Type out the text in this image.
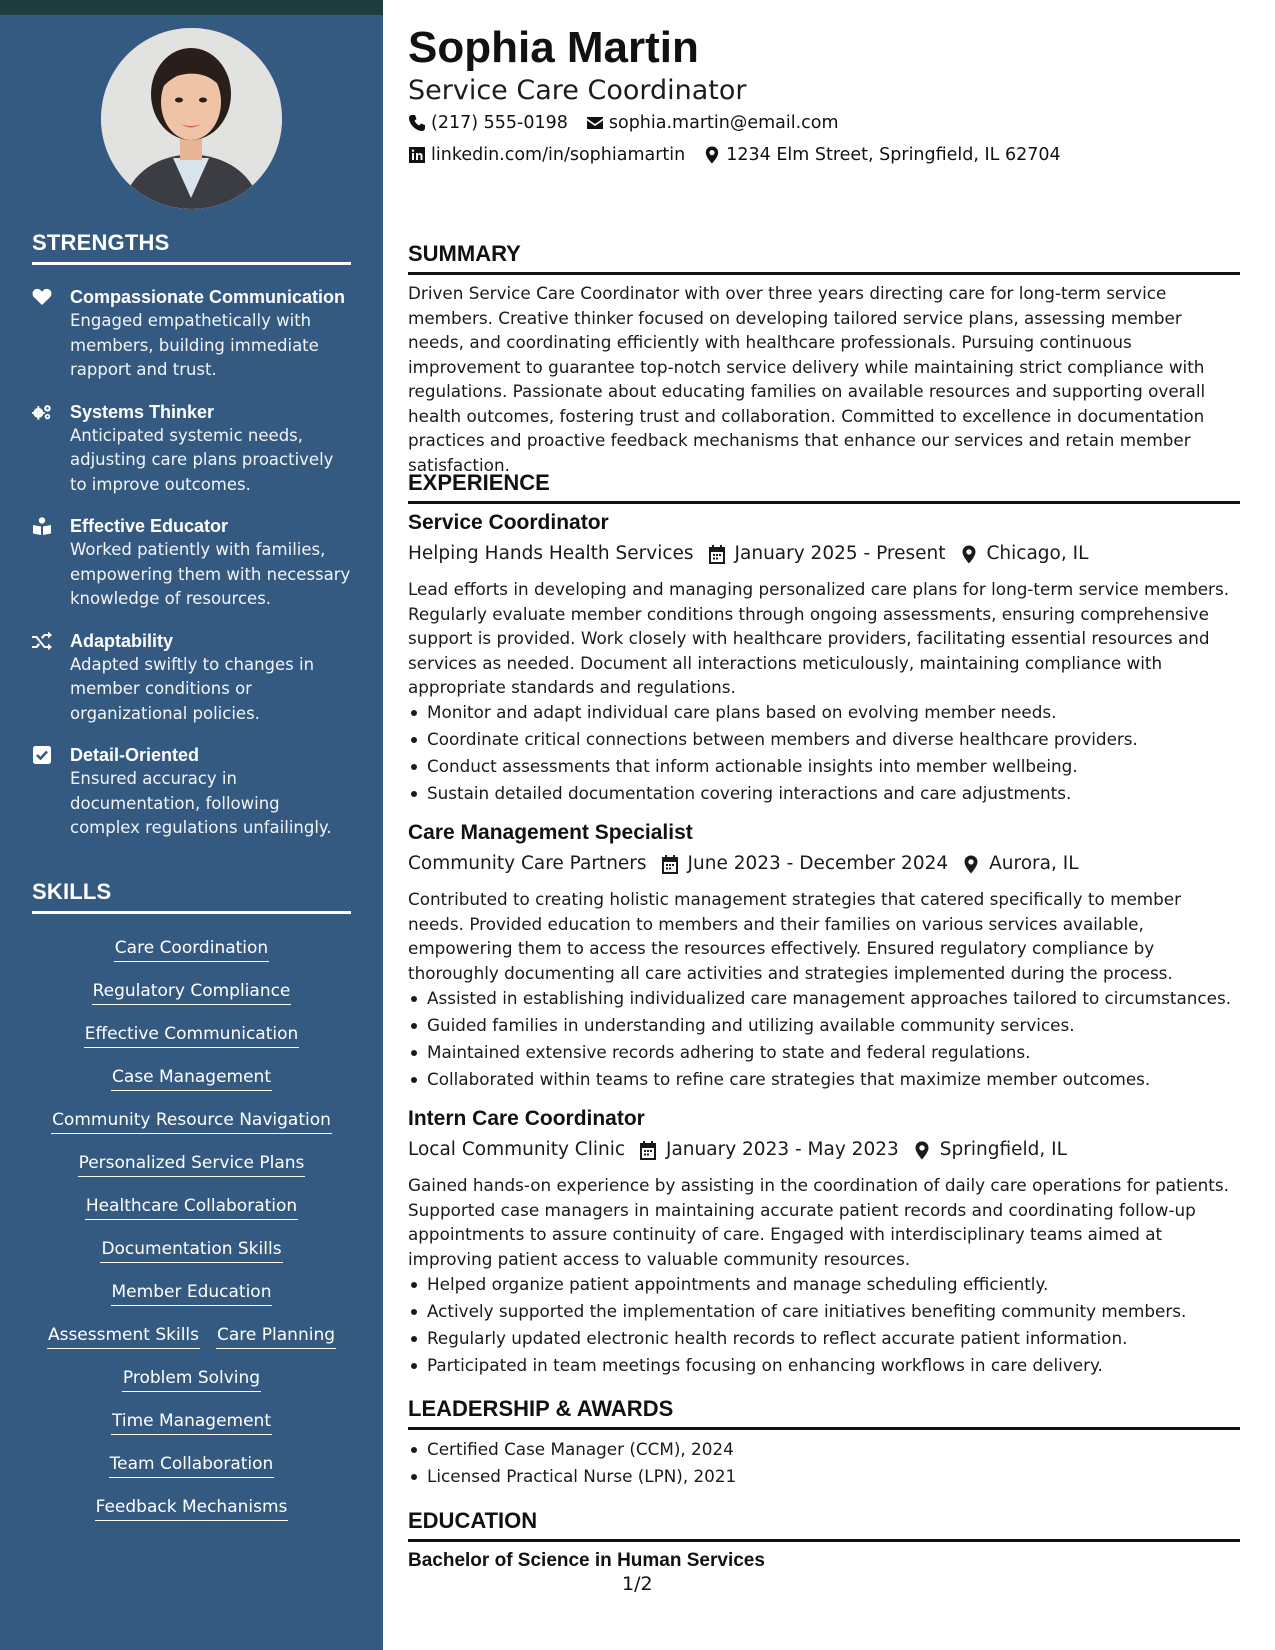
STRENGTHS
Compassionate Communication
Engaged empathetically with members, building immediate rapport and trust.
Systems Thinker
Anticipated systemic needs, adjusting care plans proactively to improve outcomes.
Effective Educator
Worked patiently with families, empowering them with necessary knowledge of resources.
Adaptability
Adapted swiftly to changes in member conditions or organizational policies.
Detail-Oriented
Ensured accuracy in documentation, following complex regulations unfailingly.
SKILLS
Care Coordination
Regulatory Compliance
Effective Communication
Case Management
Community Resource Navigation
Personalized Service Plans
Healthcare Collaboration
Documentation Skills
Member Education
Assessment Skills Care Planning
Problem Solving
Time Management
Team Collaboration
Feedback Mechanisms
Sophia Martin
Service Care Coordinator
(217) 555-0198 sophia.martin@email.com
linkedin.com/in/sophiamartin 1234 Elm Street, Springfield, IL 62704
SUMMARY
Driven Service Care Coordinator with over three years directing care for long-term service members. Creative thinker focused on developing tailored service plans, assessing member needs, and coordinating efficiently with healthcare professionals. Pursuing continuous improvement to guarantee top-notch service delivery while maintaining strict compliance with regulations. Passionate about educating families on available resources and supporting overall health outcomes, fostering trust and collaboration. Committed to excellence in documentation practices and proactive feedback mechanisms that enhance our services and retain member satisfaction.
EXPERIENCE
Service Coordinator
Helping Hands Health Services January 2025 - Present Chicago, IL
Lead efforts in developing and managing personalized care plans for long-term service members. Regularly evaluate member conditions through ongoing assessments, ensuring comprehensive support is provided. Work closely with healthcare providers, facilitating essential resources and services as needed. Document all interactions meticulously, maintaining compliance with appropriate standards and regulations.
Monitor and adapt individual care plans based on evolving member needs.
Coordinate critical connections between members and diverse healthcare providers.
Conduct assessments that inform actionable insights into member wellbeing.
Sustain detailed documentation covering interactions and care adjustments.
Care Management Specialist
Community Care Partners June 2023 - December 2024 Aurora, IL
Contributed to creating holistic management strategies that catered specifically to member needs. Provided education to members and their families on various services available, empowering them to access the resources effectively. Ensured regulatory compliance by thoroughly documenting all care activities and strategies implemented during the process.
Assisted in establishing individualized care management approaches tailored to circumstances.
Guided families in understanding and utilizing available community services.
Maintained extensive records adhering to state and federal regulations.
Collaborated within teams to refine care strategies that maximize member outcomes.
Intern Care Coordinator
Local Community Clinic January 2023 - May 2023 Springfield, IL
Gained hands-on experience by assisting in the coordination of daily care operations for patients. Supported case managers in maintaining accurate patient records and coordinating follow-up appointments to assure continuity of care. Engaged with interdisciplinary teams aimed at improving patient access to valuable community resources.
Helped organize patient appointments and manage scheduling efficiently.
Actively supported the implementation of care initiatives benefiting community members.
Regularly updated electronic health records to reflect accurate patient information.
Participated in team meetings focusing on enhancing workflows in care delivery.
LEADERSHIP & AWARDS
Certified Case Manager (CCM), 2024
Licensed Practical Nurse (LPN), 2021
EDUCATION
Bachelor of Science in Human Services
1/2
